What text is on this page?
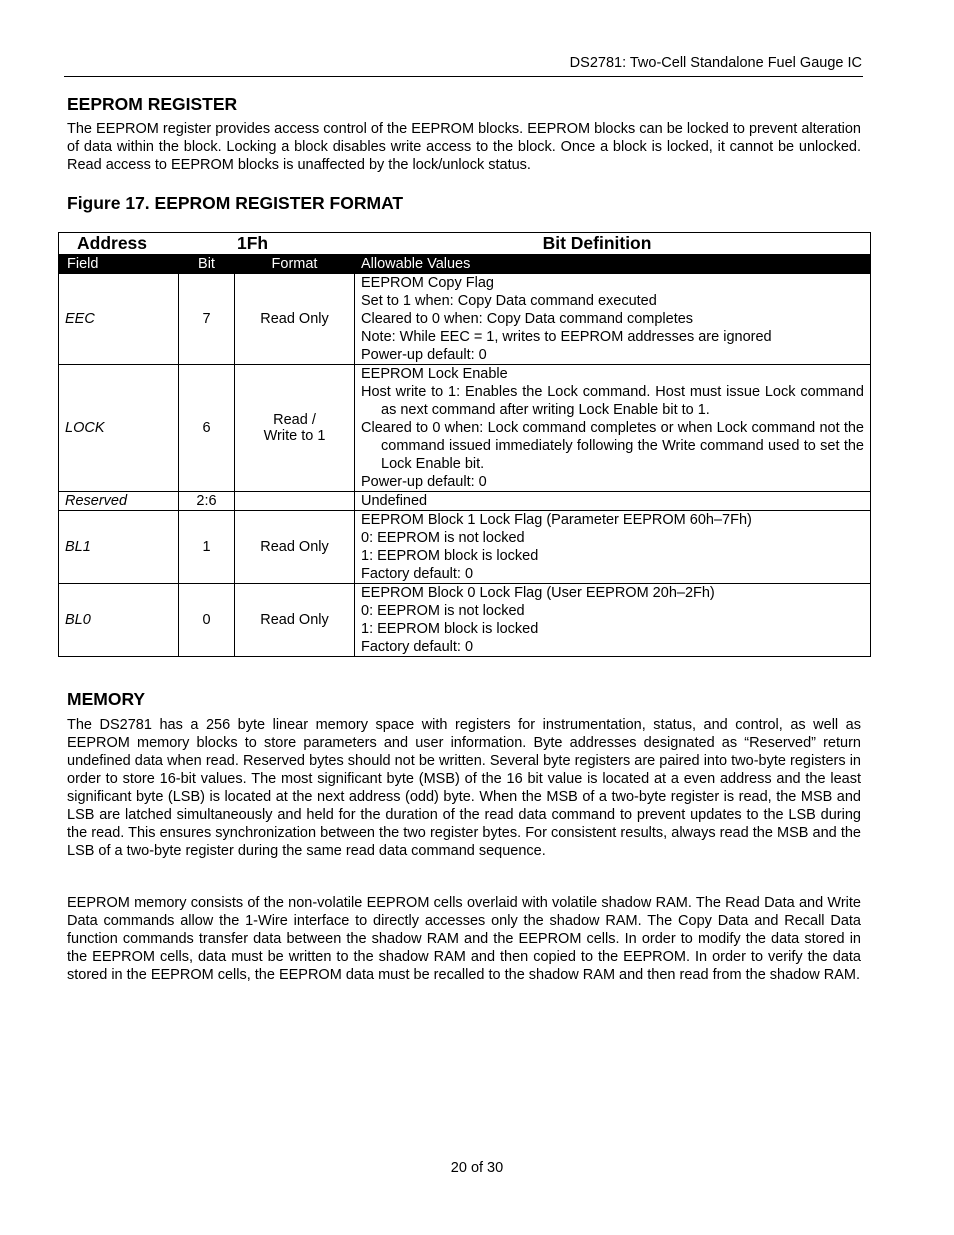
DS2781: Two-Cell Standalone Fuel Gauge IC
EEPROM REGISTER

The EEPROM register provides access control of the EEPROM blocks. EEPROM blocks can be locked to prevent alteration of data within the block. Locking a block disables write access to the block. Once a block is locked, it cannot be unlocked. Read access to EEPROM blocks is unaffected by the lock/unlock status.

Figure 17. EEPROM REGISTER FORMAT
Address 1Fh Bit Definition			
Field	Bit	Format	Allowable Values
EEC	7	Read Only	EEPROM Copy Flag
Set to 1 when: Copy Data command executed
Cleared to 0 when: Copy Data command completes
Note: While EEC = 1, writes to EEPROM addresses are ignored
Power-up default: 0

LOCK	6	Read /
Write to 1	EEPROM Lock Enable
Host write to 1: Enables the Lock command. Host must issue Lock command as next command after writing Lock Enable bit to 1.
Cleared to 0 when: Lock command completes or when Lock command not the command issued immediately following the Write command used to set the Lock Enable bit.
Power-up default: 0

Reserved	2:6		Undefined

BL1	1	Read Only	EEPROM Block 1 Lock Flag (Parameter EEPROM 60h–7Fh)
0: EEPROM is not locked
1: EEPROM block is locked
Factory default: 0

BL0	0	Read Only	EEPROM Block 0 Lock Flag (User EEPROM 20h–2Fh)
0: EEPROM is not locked
1: EEPROM block is locked
Factory default: 0
MEMORY

The DS2781 has a 256 byte linear memory space with registers for instrumentation, status, and control, as well as EEPROM memory blocks to store parameters and user information. Byte addresses designated as “Reserved” return undefined data when read. Reserved bytes should not be written. Several byte registers are paired into two-byte registers in order to store 16-bit values. The most significant byte (MSB) of the 16 bit value is located at a even address and the least significant byte (LSB) is located at the next address (odd) byte. When the MSB of a two-byte register is read, the MSB and LSB are latched simultaneously and held for the duration of the read data command to prevent updates to the LSB during the read. This ensures synchronization between the two register bytes. For consistent results, always read the MSB and the LSB of a two-byte register during the same read data command sequence.

EEPROM memory consists of the non-volatile EEPROM cells overlaid with volatile shadow RAM. The Read Data and Write Data commands allow the 1-Wire interface to directly accesses only the shadow RAM. The Copy Data and Recall Data function commands transfer data between the shadow RAM and the EEPROM cells. In order to modify the data stored in the EEPROM cells, data must be written to the shadow RAM and then copied to the EEPROM. In order to verify the data stored in the EEPROM cells, the EEPROM data must be recalled to the shadow RAM and then read from the shadow RAM.

20 of 30
